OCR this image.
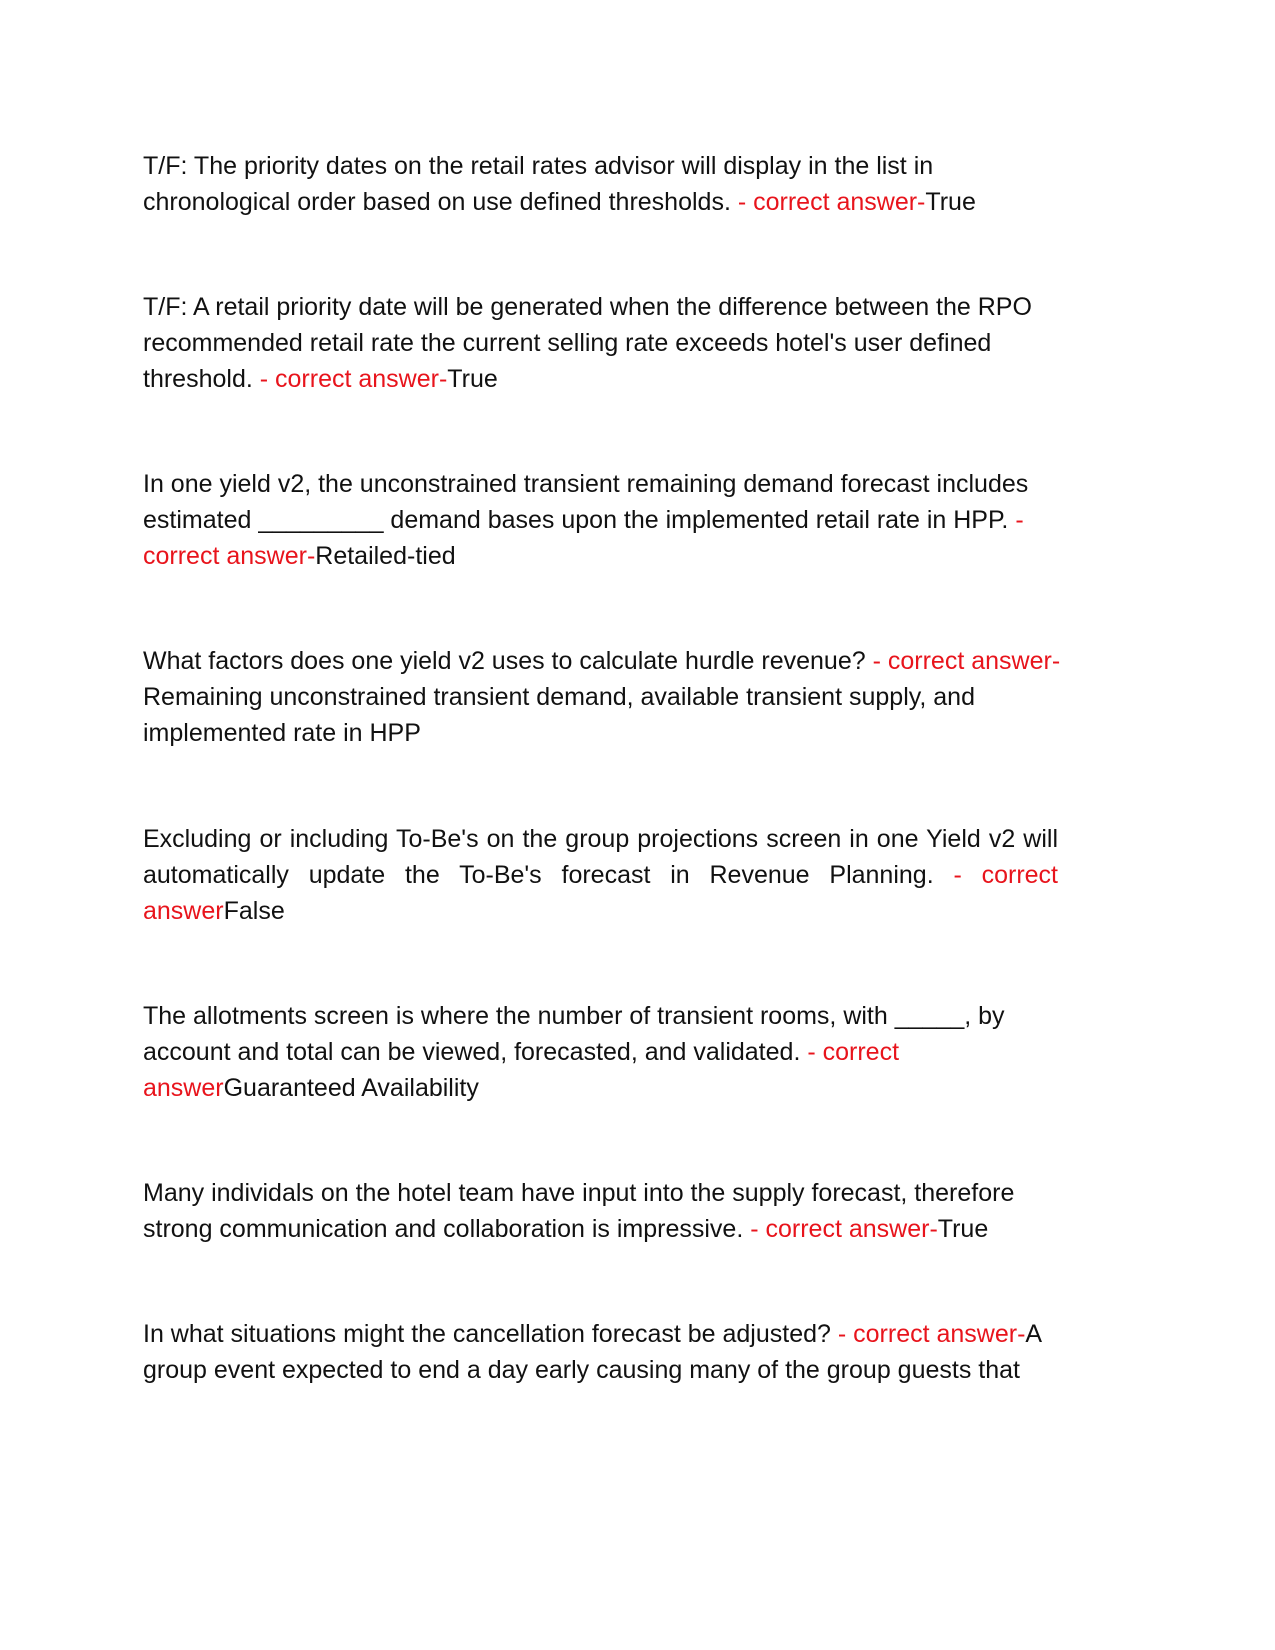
T/F: The priority dates on the retail rates advisor will display in the list in chronological order based on use defined thresholds. - correct answer-True

T/F: A retail priority date will be generated when the difference between the RPO recommended retail rate the current selling rate exceeds hotel's user defined threshold. - correct answer-True

In one yield v2, the unconstrained transient remaining demand forecast includes estimated _________ demand bases upon the implemented retail rate in HPP. - correct answer-Retailed-tied

What factors does one yield v2 uses to calculate hurdle revenue? - correct answer-Remaining unconstrained transient demand, available transient supply, and implemented rate in HPP

Excluding or including To-Be's on the group projections screen in one Yield v2 will automatically update the To-Be's forecast in Revenue Planning. - correct answerFalse

The allotments screen is where the number of transient rooms, with _____, by account and total can be viewed, forecasted, and validated. - correct answerGuaranteed Availability

Many individals on the hotel team have input into the supply forecast, therefore strong communication and collaboration is impressive. - correct answer-True

In what situations might the cancellation forecast be adjusted? - correct answer-A group event expected to end a day early causing many of the group guests that
